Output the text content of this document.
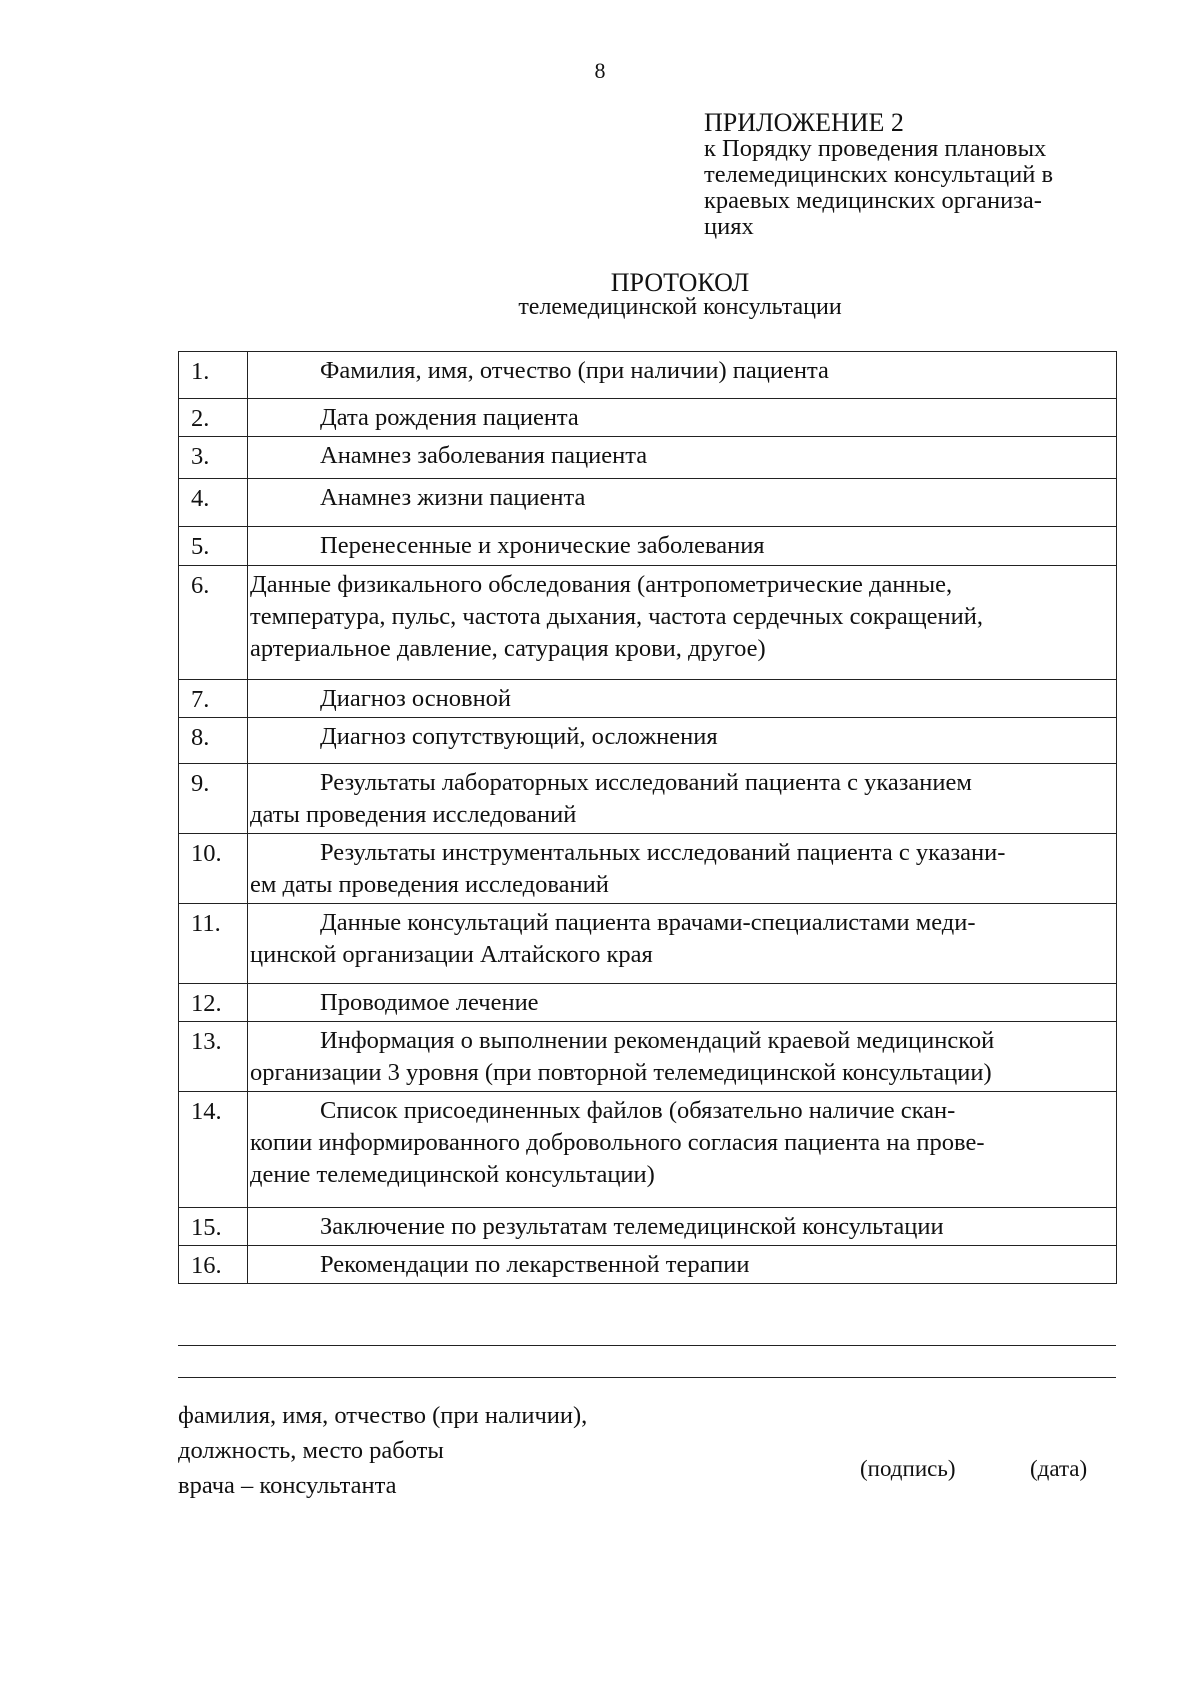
8
ПРИЛОЖЕНИЕ 2
к Порядку проведения плановых
телемедицинских консультаций в
краевых медицинских организа-
циях
ПРОТОКОЛ
телемедицинской консультации
1.	Фамилия, имя, отчество (при наличии) пациента

2.	Дата рождения пациента

3.	Анамнез заболевания пациента

4.	Анамнез жизни пациента

5.	Перенесенные и хронические заболевания

6.	Данные физикального обследования (антропометрические данные,
температура, пульс, частота дыхания, частота сердечных сокращений,
артериальное давление, сатурация крови, другое)

7.	Диагноз основной

8.	Диагноз сопутствующий, осложнения

9.	Результаты лабораторных исследований пациента с указанием
даты проведения исследований

10.	Результаты инструментальных исследований пациента с указани-
ем даты проведения исследований

11.	Данные консультаций пациента врачами-специалистами меди-
цинской организации Алтайского края

12.	Проводимое лечение

13.	Информация о выполнении рекомендаций краевой медицинской
организации 3 уровня (при повторной телемедицинской консультации)

14.	Список присоединенных файлов (обязательно наличие скан-
копии информированного добровольного согласия пациента на прове-
дение телемедицинской консультации)

15.	Заключение по результатам телемедицинской консультации

16.	Рекомендации по лекарственной терапии
фамилия, имя, отчество (при наличии),
должность, место работы
врача – консультанта
(подпись)	(дата)
